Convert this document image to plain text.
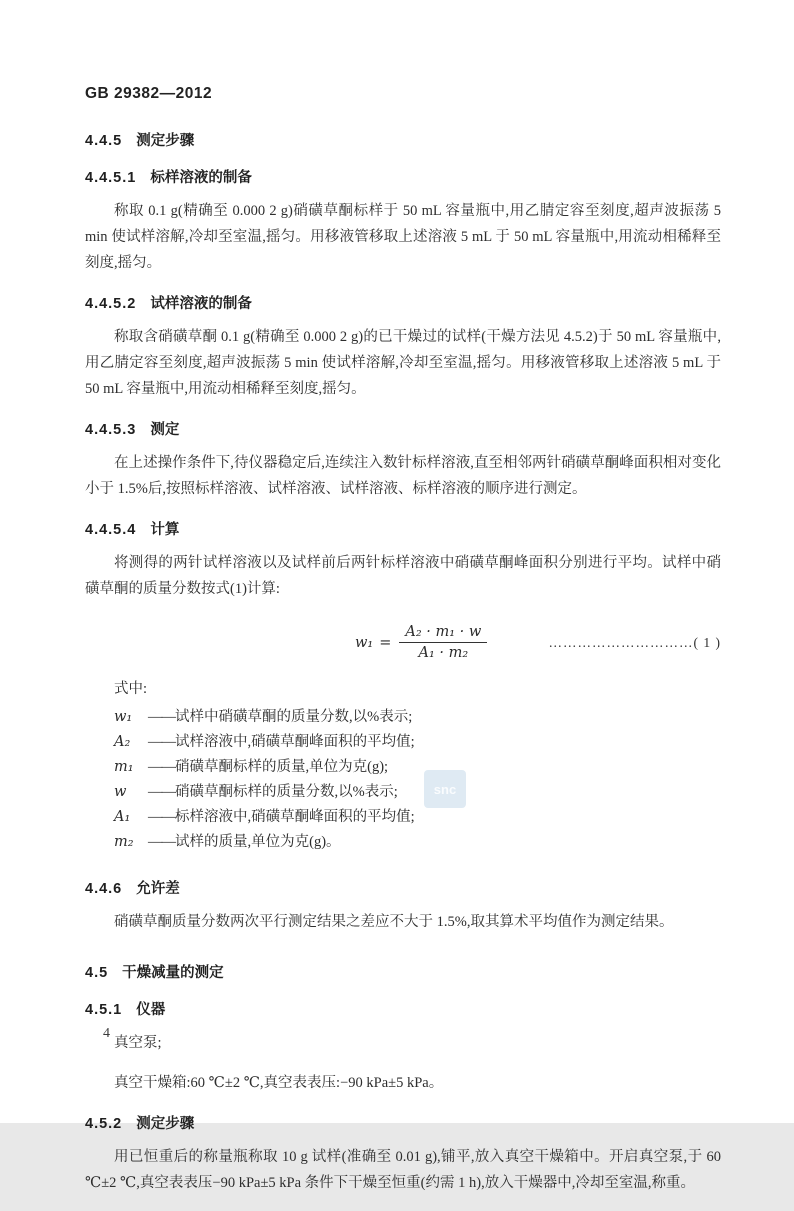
GB 29382—2012
4.4.5 测定步骤
4.4.5.1 标样溶液的制备

称取 0.1 g(精确至 0.000 2 g)硝磺草酮标样于 50 mL 容量瓶中,用乙腈定容至刻度,超声波振荡 5 min 使试样溶解,冷却至室温,摇匀。用移液管移取上述溶液 5 mL 于 50 mL 容量瓶中,用流动相稀释至刻度,摇匀。

4.4.5.2 试样溶液的制备

称取含硝磺草酮 0.1 g(精确至 0.000 2 g)的已干燥过的试样(干燥方法见 4.5.2)于 50 mL 容量瓶中,用乙腈定容至刻度,超声波振荡 5 min 使试样溶解,冷却至室温,摇匀。用移液管移取上述溶液 5 mL 于 50 mL 容量瓶中,用流动相稀释至刻度,摇匀。

4.4.5.3 测定

在上述操作条件下,待仪器稳定后,连续注入数针标样溶液,直至相邻两针硝磺草酮峰面积相对变化小于 1.5%后,按照标样溶液、试样溶液、试样溶液、标样溶液的顺序进行测定。

4.4.5.4 计算

将测得的两针试样溶液以及试样前后两针标样溶液中硝磺草酮峰面积分别进行平均。试样中硝磺草酮的质量分数按式(1)计算:

$w_1 = \frac{\text{A₂ · m₁ · w}}{\text{A₁ · m₂}}$	………………………… ( 1 )
式中:
w₁	—— 试样中硝磺草酮的质量分数,以%表示;
A₂	—— 试样溶液中,硝磺草酮峰面积的平均值;
m₁ —— 硝磺草酮标样的质量,单位为克(g);
w	—— 硝磺草酮标样的质量分数,以%表示;
A₁	—— 标样溶液中,硝磺草酮峰面积的平均值;
m₂ —— 试样的质量,单位为克(g)。
4.4.6 允许差

硝磺草酮质量分数两次平行测定结果之差应不大于 1.5%,取其算术平均值作为测定结果。

4.5 干燥减量的测定
4.5.1 仪器

真空泵;

真空干燥箱:60 ℃±2 ℃,真空表表压:−90 kPa±5 kPa。

4.5.2 测定步骤

用已恒重后的称量瓶称取 10 g 试样(准确至 0.01 g),铺平,放入真空干燥箱中。开启真空泵,于 60 ℃±2 ℃,真空表表压−90 kPa±5 kPa 条件下干燥至恒重(约需 1 h),放入干燥器中,冷却至室温,称重。

snc
4
